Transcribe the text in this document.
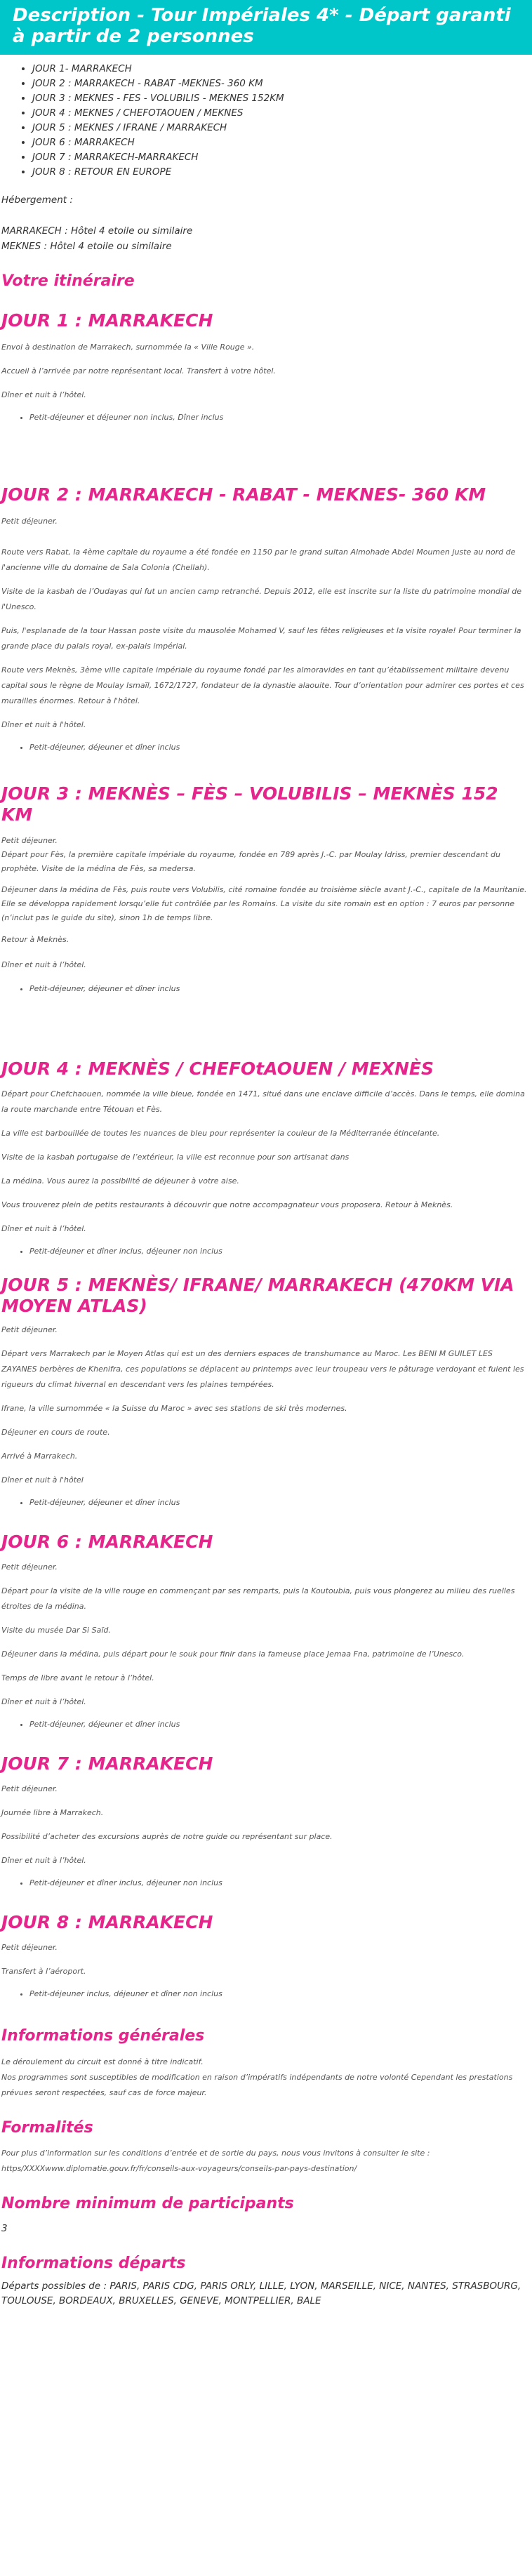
Description - Tour Impériales 4* - Départ garanti à partir de 2 personnes
• JOUR 1- MARRAKECH
• JOUR 2 : MARRAKECH - RABAT -MEKNES- 360 KM
• JOUR 3 : MEKNES - FES - VOLUBILIS - MEKNES 152KM
• JOUR 4 : MEKNES / CHEFOTAOUEN / MEKNES
• JOUR 5 : MEKNES / IFRANE / MARRAKECH
• JOUR 6 : MARRAKECH
• JOUR 7 : MARRAKECH-MARRAKECH
• JOUR 8 : RETOUR EN EUROPE
Hébergement :
MARRAKECH : Hôtel 4 etoile ou similaire
MEKNES : Hôtel 4 etoile ou similaire
Votre itinéraire
JOUR 1 : MARRAKECH

Envol à destination de Marrakech, surnommée la « Ville Rouge ».

Accueil à l’arrivée par notre représentant local. Transfert à votre hôtel.

Dîner et nuit à l’hôtel.

• Petit-déjeuner et déjeuner non inclus, Dîner inclus
JOUR 2 : MARRAKECH - RABAT - MEKNES- 360 KM

Petit déjeuner.

Route vers Rabat, la 4ème capitale du royaume a été fondée en 1150 par le grand sultan Almohade Abdel Moumen juste au nord de l'ancienne ville du domaine de Sala Colonia (Chellah).

Visite de la kasbah de l’Oudayas qui fut un ancien camp retranché. Depuis 2012, elle est inscrite sur la liste du patrimoine mondial de l'Unesco.

Puis, l'esplanade de la tour Hassan poste visite du mausolée Mohamed V, sauf les fêtes religieuses et la visite royale! Pour terminer la grande place du palais royal, ex-palais impérial.

Route vers Meknès, 3ème ville capitale impériale du royaume fondé par les almoravides en tant qu’établissement militaire devenu capital sous le règne de Moulay Ismaïl, 1672/1727, fondateur de la dynastie alaouite. Tour d’orientation pour admirer ces portes et ces murailles énormes. Retour à l'hôtel.

Dîner et nuit à l'hôtel.

• Petit-déjeuner, déjeuner et dîner inclus
JOUR 3 : MEKNÈS – FÈS – VOLUBILIS – MEKNÈS 152 KM

Petit déjeuner.

Départ pour Fès, la première capitale impériale du royaume, fondée en 789 après J.-C. par Moulay Idriss, premier descendant du prophète. Visite de la médina de Fès, sa medersa.

Déjeuner dans la médina de Fès, puis route vers Volubilis, cité romaine fondée au troisième siècle avant J.-C., capitale de la Mauritanie. Elle se développa rapidement lorsqu’elle fut contrôlée par les Romains. La visite du site romain est en option : 7 euros par personne (n’inclut pas le guide du site), sinon 1h de temps libre.

Retour à Meknès.

Dîner et nuit à l’hôtel.

• Petit-déjeuner, déjeuner et dîner inclus
JOUR 4 : MEKNÈS / CHEFOtAOUEN / MEXNÈS

Départ pour Chefchaouen, nommée la ville bleue, fondée en 1471, situé dans une enclave difficile d’accès. Dans le temps, elle domina la route marchande entre Tétouan et Fès.

La ville est barbouillée de toutes les nuances de bleu pour représenter la couleur de la Méditerranée étincelante.

Visite de la kasbah portugaise de l’extérieur, la ville est reconnue pour son artisanat dans

La médina. Vous aurez la possibilité de déjeuner à votre aise.

Vous trouverez plein de petits restaurants à découvrir que notre accompagnateur vous proposera. Retour à Meknès.

Dîner et nuit à l’hôtel.

• Petit-déjeuner et dîner inclus, déjeuner non inclus
JOUR 5 : MEKNÈS/ IFRANE/ MARRAKECH (470KM VIA MOYEN ATLAS)

Petit déjeuner.

Départ vers Marrakech par le Moyen Atlas qui est un des derniers espaces de transhumance au Maroc. Les BENI M GUILET LES ZAYANES berbères de Khenifra, ces populations se déplacent au printemps avec leur troupeau vers le pâturage verdoyant et fuient les rigueurs du climat hivernal en descendant vers les plaines tempérées.

Ifrane, la ville surnommée « la Suisse du Maroc » avec ses stations de ski très modernes.

Déjeuner en cours de route.

Arrivé à Marrakech.

Dîner et nuit à l'hôtel

• Petit-déjeuner, déjeuner et dîner inclus
JOUR 6 : MARRAKECH

Petit déjeuner.

Départ pour la visite de la ville rouge en commençant par ses remparts, puis la Koutoubia, puis vous plongerez au milieu des ruelles étroites de la médina.

Visite du musée Dar Si Saïd.

Déjeuner dans la médina, puis départ pour le souk pour finir dans la fameuse place Jemaa Fna, patrimoine de l’Unesco.

Temps de libre avant le retour à l’hôtel.

Dîner et nuit à l’hôtel.

• Petit-déjeuner, déjeuner et dîner inclus
JOUR 7 : MARRAKECH

Petit déjeuner.

Journée libre à Marrakech.

Possibilité d’acheter des excursions auprès de notre guide ou représentant sur place.

Dîner et nuit à l’hôtel.

• Petit-déjeuner et dîner inclus, déjeuner non inclus
JOUR 8 : MARRAKECH

Petit déjeuner.

Transfert à l’aéroport.

• Petit-déjeuner inclus, déjeuner et dîner non inclus
Informations générales

Le déroulement du circuit est donné à titre indicatif.

Nos programmes sont susceptibles de modification en raison d’impératifs indépendants de notre volonté Cependant les prestations prévues seront respectées, sauf cas de force majeur.

Formalités

Pour plus d’information sur les conditions d’entrée et de sortie du pays, nous vous invitons à consulter le site :

https/XXXXwww.diplomatie.gouv.fr/fr/conseils-aux-voyageurs/conseils-par-pays-destination/

Nombre minimum de participants

3

Informations départs

Départs possibles de : PARIS, PARIS CDG, PARIS ORLY, LILLE, LYON, MARSEILLE, NICE, NANTES, STRASBOURG, TOULOUSE, BORDEAUX, BRUXELLES, GENEVE, MONTPELLIER, BALE
